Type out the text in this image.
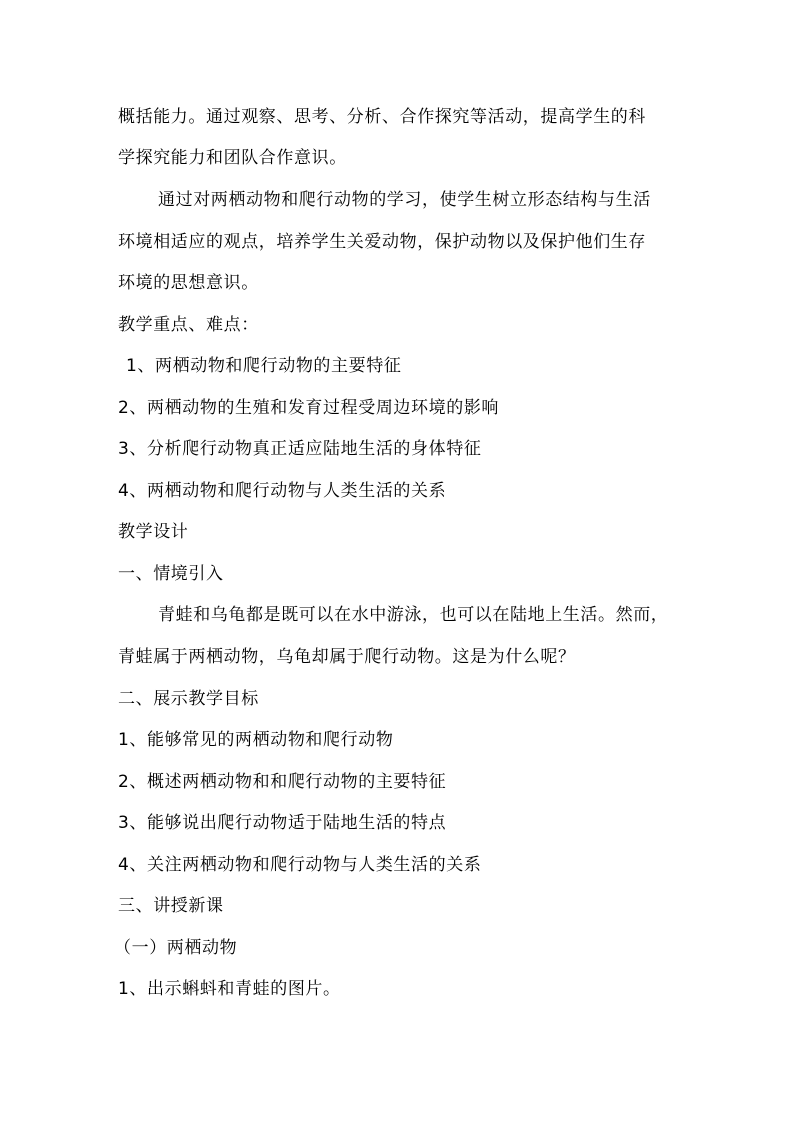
概括能力。通过观察、思考、分析、合作探究等活动，提高学生的科
学探究能力和团队合作意识。
通过对两栖动物和爬行动物的学习，使学生树立形态结构与生活
环境相适应的观点，培养学生关爱动物，保护动物以及保护他们生存
环境的思想意识。
教学重点、难点：
1、两栖动物和爬行动物的主要特征
2、两栖动物的生殖和发育过程受周边环境的影响
3、分析爬行动物真正适应陆地生活的身体特征
4、两栖动物和爬行动物与人类生活的关系
教学设计
一、情境引入
青蛙和乌龟都是既可以在水中游泳，也可以在陆地上生活。然而，
青蛙属于两栖动物，乌龟却属于爬行动物。这是为什么呢？
二、展示教学目标
1、能够常见的两栖动物和爬行动物
2、概述两栖动物和和爬行动物的主要特征
3、能够说出爬行动物适于陆地生活的特点
4、关注两栖动物和爬行动物与人类生活的关系
三、讲授新课
（一）两栖动物
1、出示蝌蚪和青蛙的图片。
